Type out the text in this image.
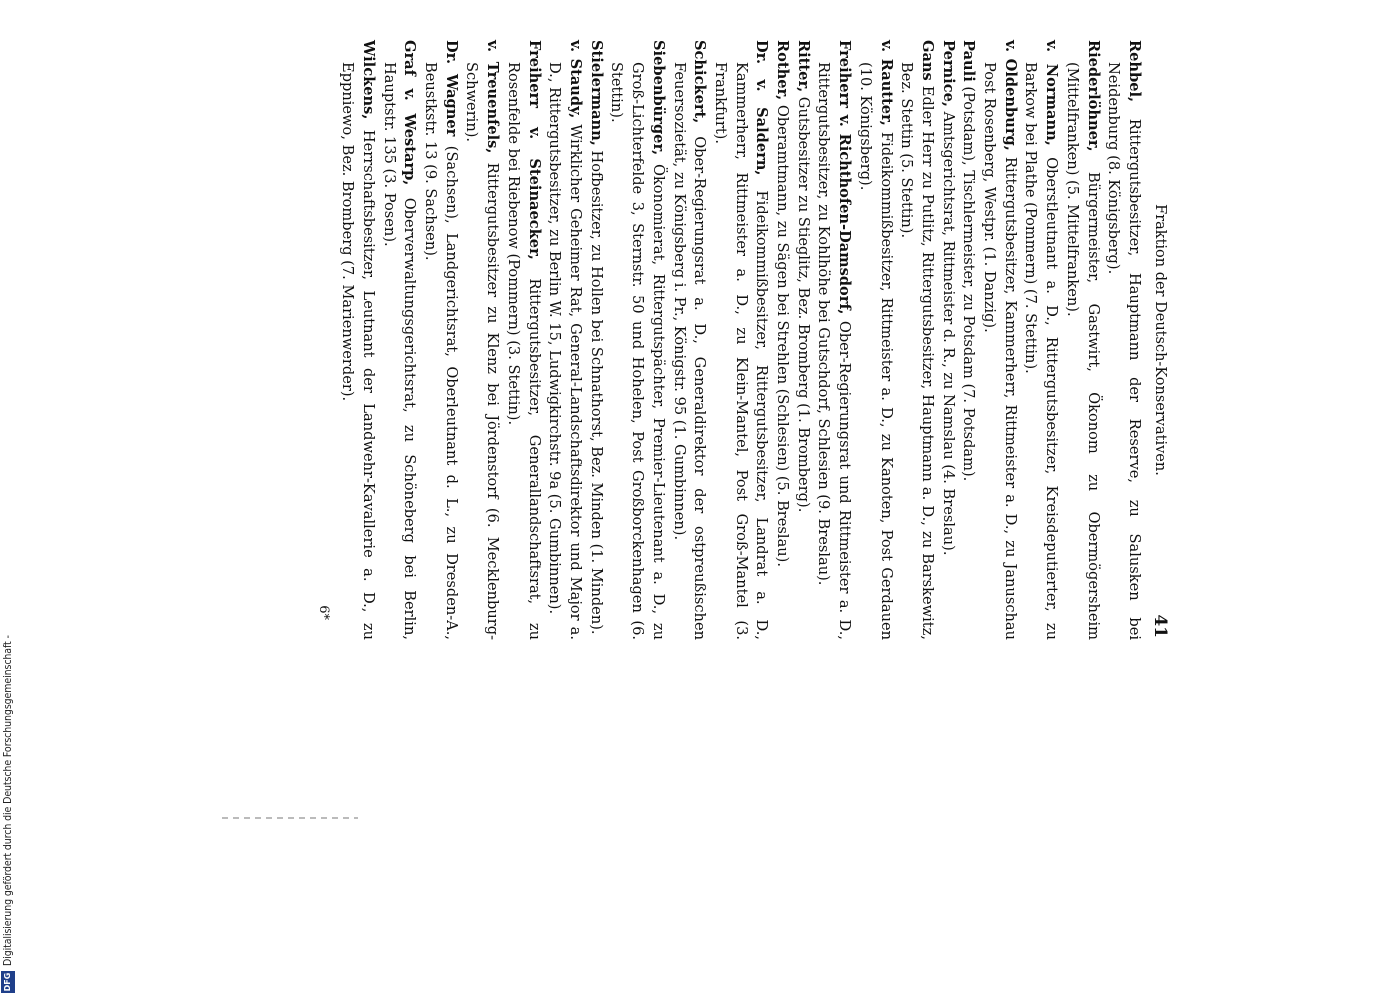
Fraktion der Deutsch-Konservativen.
41

Rehbel, Rittergutsbesitzer, Hauptmann der Reserve, zu Salusken bei Neidenburg (8. Königsberg).

Riederlöhner, Bürgermeister, Gastwirt, Ökonom zu Obermögersheim (Mittelfranken) (5. Mittelfranken).

v. Normann, Oberstleutnant a. D., Rittergutsbesitzer, Kreisdeputierter, zu Barkow bei Plathe (Pommern) (7. Stettin).

v. Oldenburg, Rittergutsbesitzer, Kammerherr, Rittmeister a. D., zu Januschau Post Rosenberg, Westpr. (1. Danzig).

Pauli (Potsdam), Tischlermeister, zu Potsdam (7. Potsdam).

Pernice, Amtsgerichtsrat, Rittmeister d. R., zu Namslau (4. Breslau).

Gans Edler Herr zu Putlitz, Rittergutsbesitzer, Hauptmann a. D., zu Barskewitz, Bez. Stettin (5. Stettin).

v. Rautter, Fideikommißbesitzer, Rittmeister a. D., zu Kanoten, Post Gerdauen (10. Königsberg).

Freiherr v. Richthofen-Damsdorf, Ober-Regierungsrat und Rittmeister a. D., Rittergutsbesitzer, zu Kohlhöhe bei Gutschdorf, Schlesien (9. Breslau).

Ritter, Gutsbesitzer zu Stieglitz, Bez. Bromberg (1. Bromberg).

Rother, Oberamtmann, zu Sägen bei Strehlen (Schlesien) (5. Breslau).

Dr. v. Saldern, Fideikommißbesitzer, Rittergutsbesitzer, Landrat a. D., Kammerherr, Rittmeister a. D., zu Klein-Mantel, Post Groß-Mantel (3. Frankfurt).

Schickert, Ober-Regierungsrat a. D., Generaldirektor der ostpreußischen Feuersozietät, zu Königsberg i. Pr., Königstr. 95 (1. Gumbinnen).

Siebenbürger, Ökonomierat, Rittergutspächter, Premier-Lieutenant a. D., zu Groß-Lichterfelde 3, Sternstr. 50 und Hohelen, Post Großborckenhagen (6. Stettin).

Stielermann, Hofbesitzer, zu Hollen bei Schnathorst, Bez. Minden (1. Minden).

v. Staudy, Wirklicher Geheimer Rat, General-Landschaftsdirektor und Major a. D., Rittergutsbesitzer, zu Berlin W. 15, Ludwigkirchstr. 9a (5. Gumbinnen).

Freiherr v. Steinaecker, Rittergutsbesitzer, Generallandschaftsrat, zu Rosenfelde bei Riebenow (Pommern) (3. Stettin).

v. Treuenfels, Rittergutsbesitzer zu Klenz bei Jördenstorf (6. Mecklenburg-Schwerin).

Dr. Wagner (Sachsen), Landgerichtsrat, Oberleutnant d. L., zu Dresden-A., Beustkstr. 13 (9. Sachsen).

Graf v. Westarp, Oberverwaltungsgerichtsrat, zu Schöneberg bei Berlin, Hauptstr. 135 (3. Posen).

Wilckens, Herrschaftsbesitzer, Leutnant der Landwehr-Kavallerie a. D., zu Eppniewo, Bez. Bromberg (7. Marienwerder).

6*
DFG
Digitalisierung gefördert durch die Deutsche Forschungsgemeinschaft -
